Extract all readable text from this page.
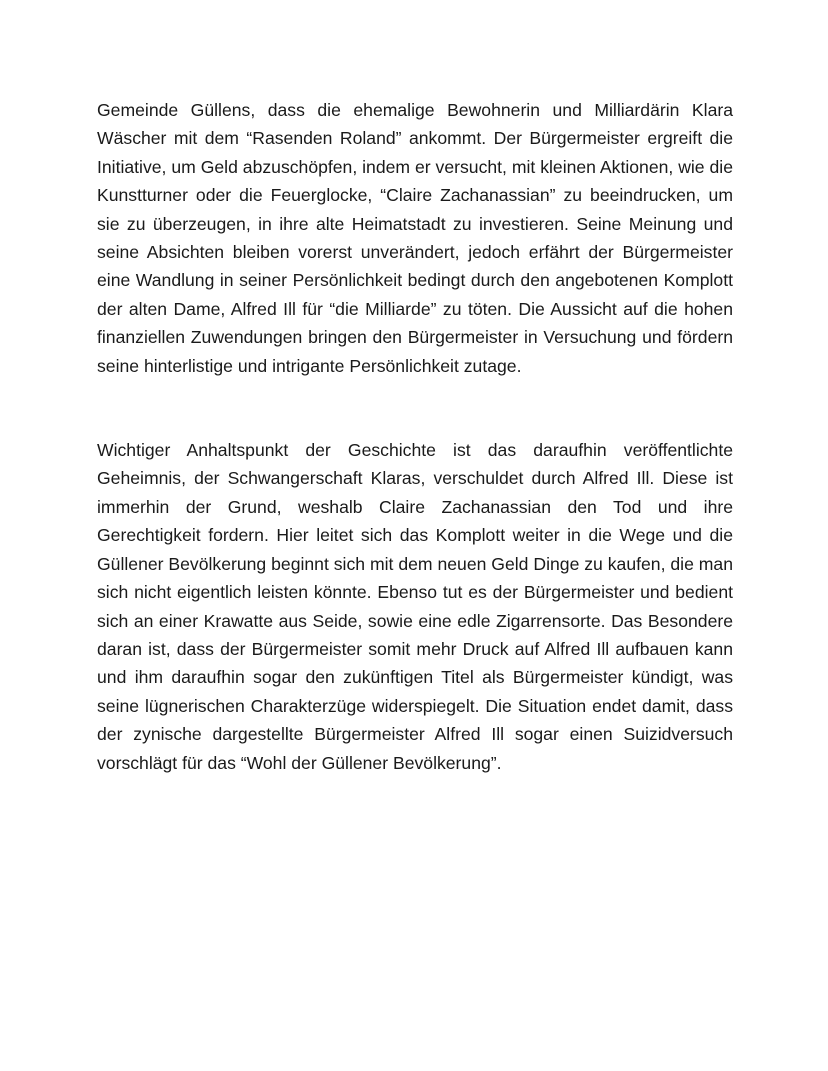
Gemeinde Güllens, dass die ehemalige Bewohnerin und Milliardärin Klara Wäscher mit dem “Rasenden Roland” ankommt. Der Bürgermeister ergreift die Initiative, um Geld abzuschöpfen, indem er versucht, mit kleinen Aktionen, wie die Kunstturner oder die Feuerglocke, “Claire Zachanassian” zu beeindrucken, um sie zu überzeugen, in ihre alte Heimatstadt zu investieren. Seine Meinung und seine Absichten bleiben vorerst unverändert, jedoch erfährt der Bürgermeister eine Wandlung in seiner Persönlichkeit bedingt durch den angebotenen Komplott der alten Dame, Alfred Ill für “die Milliarde” zu töten. Die Aussicht auf die hohen finanziellen Zuwendungen bringen den Bürgermeister in Versuchung und fördern seine hinterlistige und intrigante Persönlichkeit zutage.

Wichtiger Anhaltspunkt der Geschichte ist das daraufhin veröffentlichte Geheimnis, der Schwangerschaft Klaras, verschuldet durch Alfred Ill. Diese ist immerhin der Grund, weshalb Claire Zachanassian den Tod und ihre Gerechtigkeit fordern. Hier leitet sich das Komplott weiter in die Wege und die Güllener Bevölkerung beginnt sich mit dem neuen Geld Dinge zu kaufen, die man sich nicht eigentlich leisten könnte. Ebenso tut es der Bürgermeister und bedient sich an einer Krawatte aus Seide, sowie eine edle Zigarrensorte. Das Besondere daran ist, dass der Bürgermeister somit mehr Druck auf Alfred Ill aufbauen kann und ihm daraufhin sogar den zukünftigen Titel als Bürgermeister kündigt, was seine lügnerischen Charakterzüge widerspiegelt. Die Situation endet damit, dass der zynische dargestellte Bürgermeister Alfred Ill sogar einen Suizidversuch vorschlägt für das “Wohl der Güllener Bevölkerung”.
